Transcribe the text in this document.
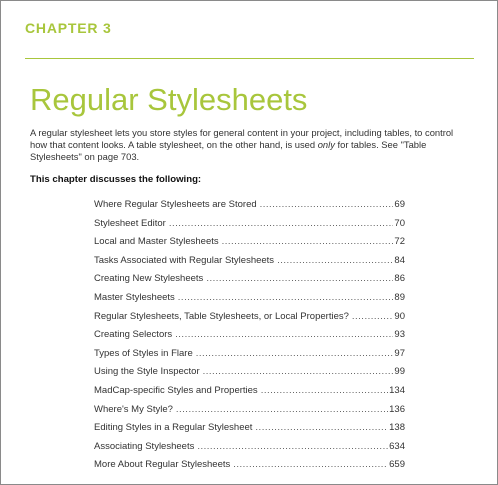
CHAPTER 3
Regular Stylesheets

A regular stylesheet lets you store styles for general content in your project, including tables, to control how that content looks. A table stylesheet, on the other hand, is used only for tables. See "Table Stylesheets" on page 703.

This chapter discusses the following:
Where Regular Stylesheets are Stored .....	69
Stylesheet Editor .....	70
Local and Master Stylesheets .....	72
Tasks Associated with Regular Stylesheets .....	84
Creating New Stylesheets .....	86
Master Stylesheets .....	89
Regular Stylesheets, Table Stylesheets, or Local Properties? .....	90
Creating Selectors .....	93
Types of Styles in Flare .....	97
Using the Style Inspector .....	99
MadCap-specific Styles and Properties .....	134
Where's My Style? .....	136
Editing Styles in a Regular Stylesheet .....	138
Associating Stylesheets .....	634
More About Regular Stylesheets .....	659
